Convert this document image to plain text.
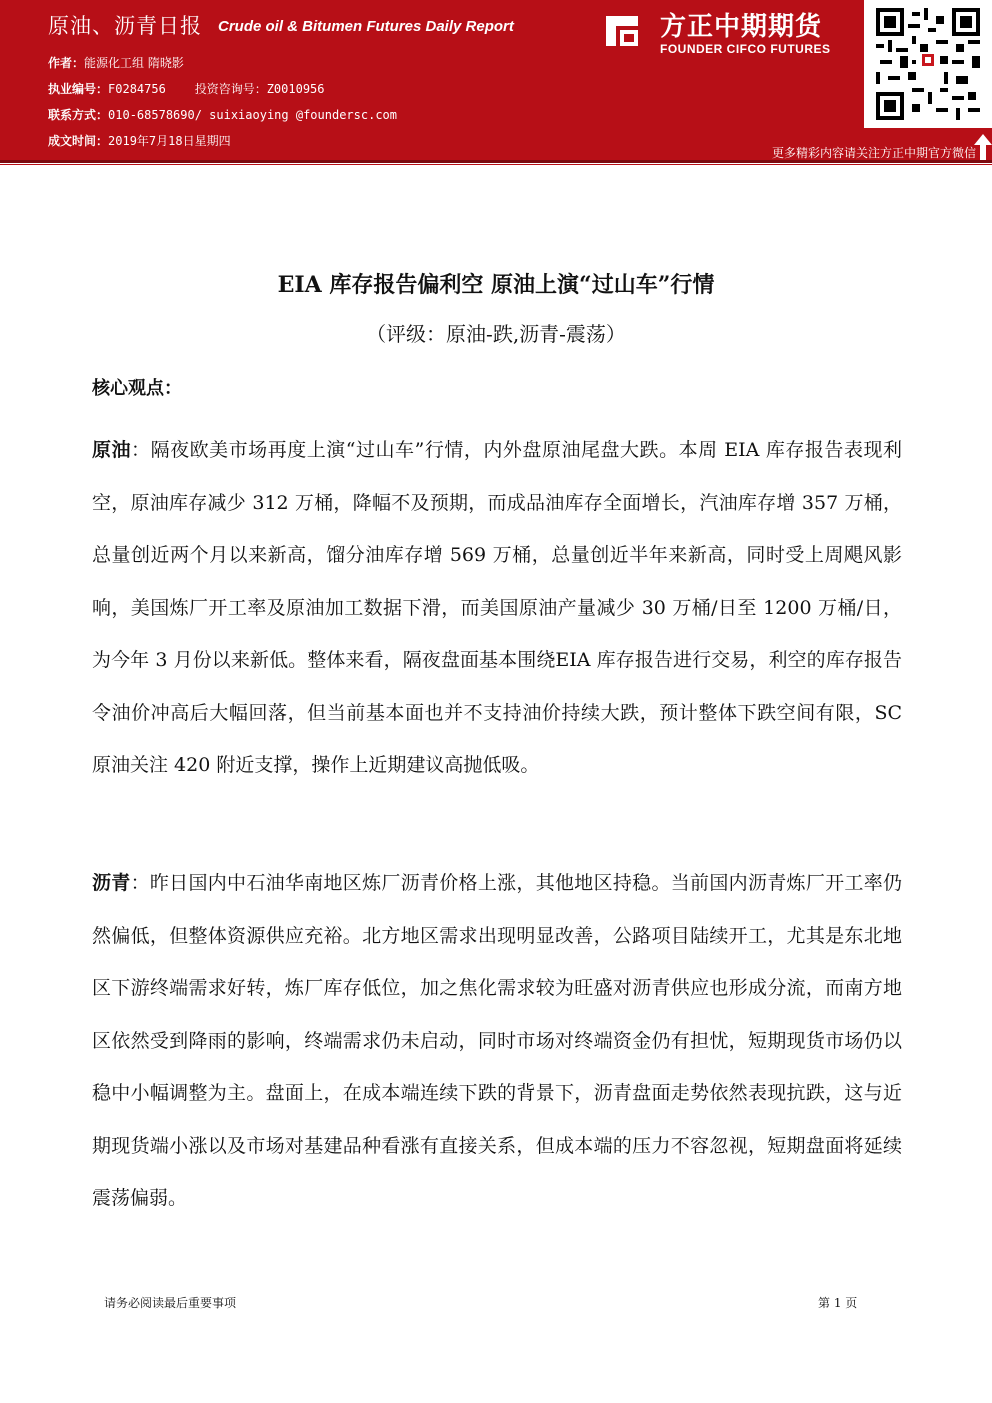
原油、沥青日报 Crude oil & Bitumen Futures Daily Report
作者：能源化工组 隋晓影
执业编号：F0284756    投资咨询号：Z0010956
联系方式：010-68578690/ suixiaoying @foundersc.com
成文时间：2019年7月18日星期四
方正中期期货
FOUNDER CIFCO FUTURES
更多精彩内容请关注方正中期官方微信
EIA 库存报告偏利空 原油上演“过山车”行情
（评级：原油-跌,沥青-震荡）
核心观点：
原油：隔夜欧美市场再度上演“过山车”行情，内外盘原油尾盘大跌。本周 EIA 库存报告表现利空，原油库存减少 312 万桶，降幅不及预期，而成品油库存全面增长，汽油库存增 357 万桶，总量创近两个月以来新高，馏分油库存增 569 万桶，总量创近半年来新高，同时受上周飓风影响，美国炼厂开工率及原油加工数据下滑，而美国原油产量减少 30 万桶/日至 1200 万桶/日，为今年 3 月份以来新低。整体来看，隔夜盘面基本围绕EIA 库存报告进行交易，利空的库存报告令油价冲高后大幅回落，但当前基本面也并不支持油价持续大跌，预计整体下跌空间有限，SC 原油关注 420 附近支撑，操作上近期建议高抛低吸。
沥青：昨日国内中石油华南地区炼厂沥青价格上涨，其他地区持稳。当前国内沥青炼厂开工率仍然偏低，但整体资源供应充裕。北方地区需求出现明显改善，公路项目陆续开工，尤其是东北地区下游终端需求好转，炼厂库存低位，加之焦化需求较为旺盛对沥青供应也形成分流，而南方地区依然受到降雨的影响，终端需求仍未启动，同时市场对终端资金仍有担忧，短期现货市场仍以稳中小幅调整为主。盘面上，在成本端连续下跌的背景下，沥青盘面走势依然表现抗跌，这与近期现货端小涨以及市场对基建品种看涨有直接关系，但成本端的压力不容忽视，短期盘面将延续震荡偏弱。
请务必阅读最后重要事项	第 1 页
